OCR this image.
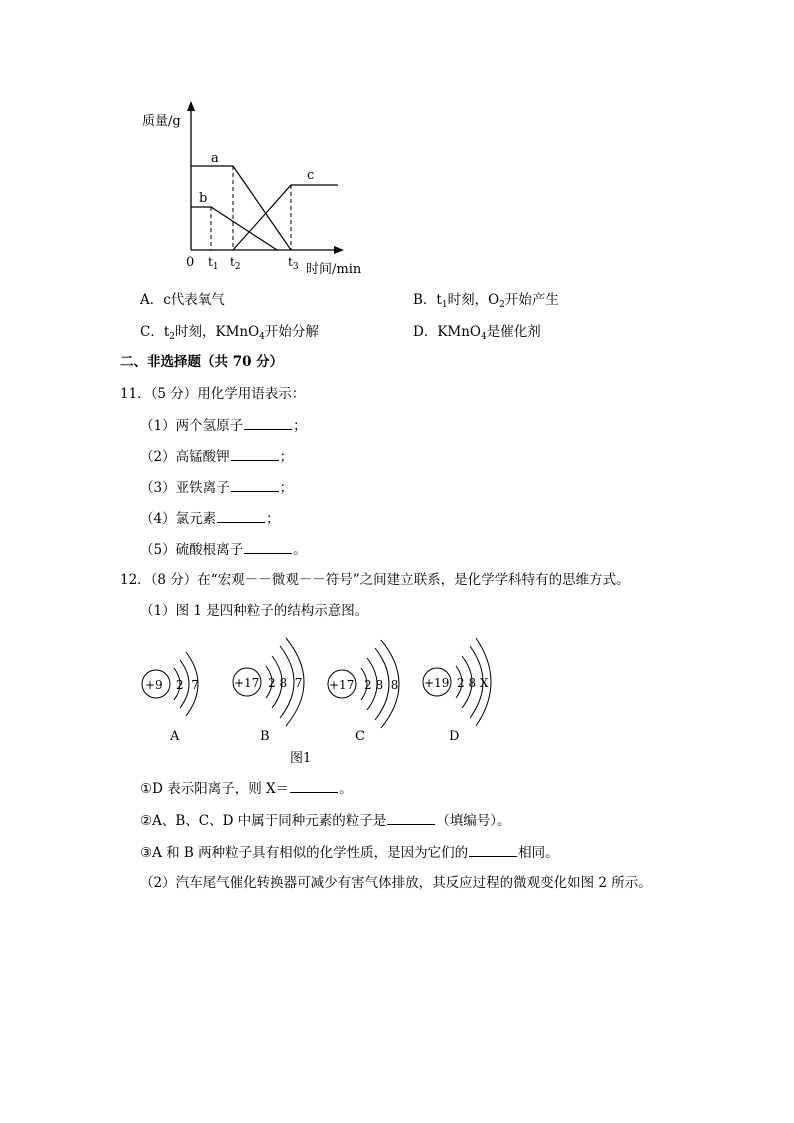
质量/g
时间/min
0
a
b
c
$t_1$ $t_2$	$t_3$
A．c代表氧气	B．$t_1$时刻，$O_2$开始产生
C．$t_2$时刻，KMnO$_4$开始分解	D．KMnO$_4$是催化剂
二、非选择题（共 70 分）
11．（5 分）用化学用语表示：
（1）两个氢原子	；
（2）高锰酸钾	；
（3）亚铁离子	；
（4）氯元素	；
（5）硫酸根离子	。
12．（8 分）在“宏观－－微观－－符号”之间建立联系，是化学学科特有的思维方式。
（1）图 1 是四种粒子的结构示意图。
+9 2  7
A
+17 2 8  7
B
+17 2 8  8
C
+19 2 8 X
D
图1
①D 表示阳离子，则 X＝	。
②A、B、C、D 中属于同种元素的粒子是	（填编号）。
③A 和 B 两种粒子具有相似的化学性质，是因为它们的	相同。
（2）汽车尾气催化转换器可减少有害气体排放，其反应过程的微观变化如图 2 所示。
